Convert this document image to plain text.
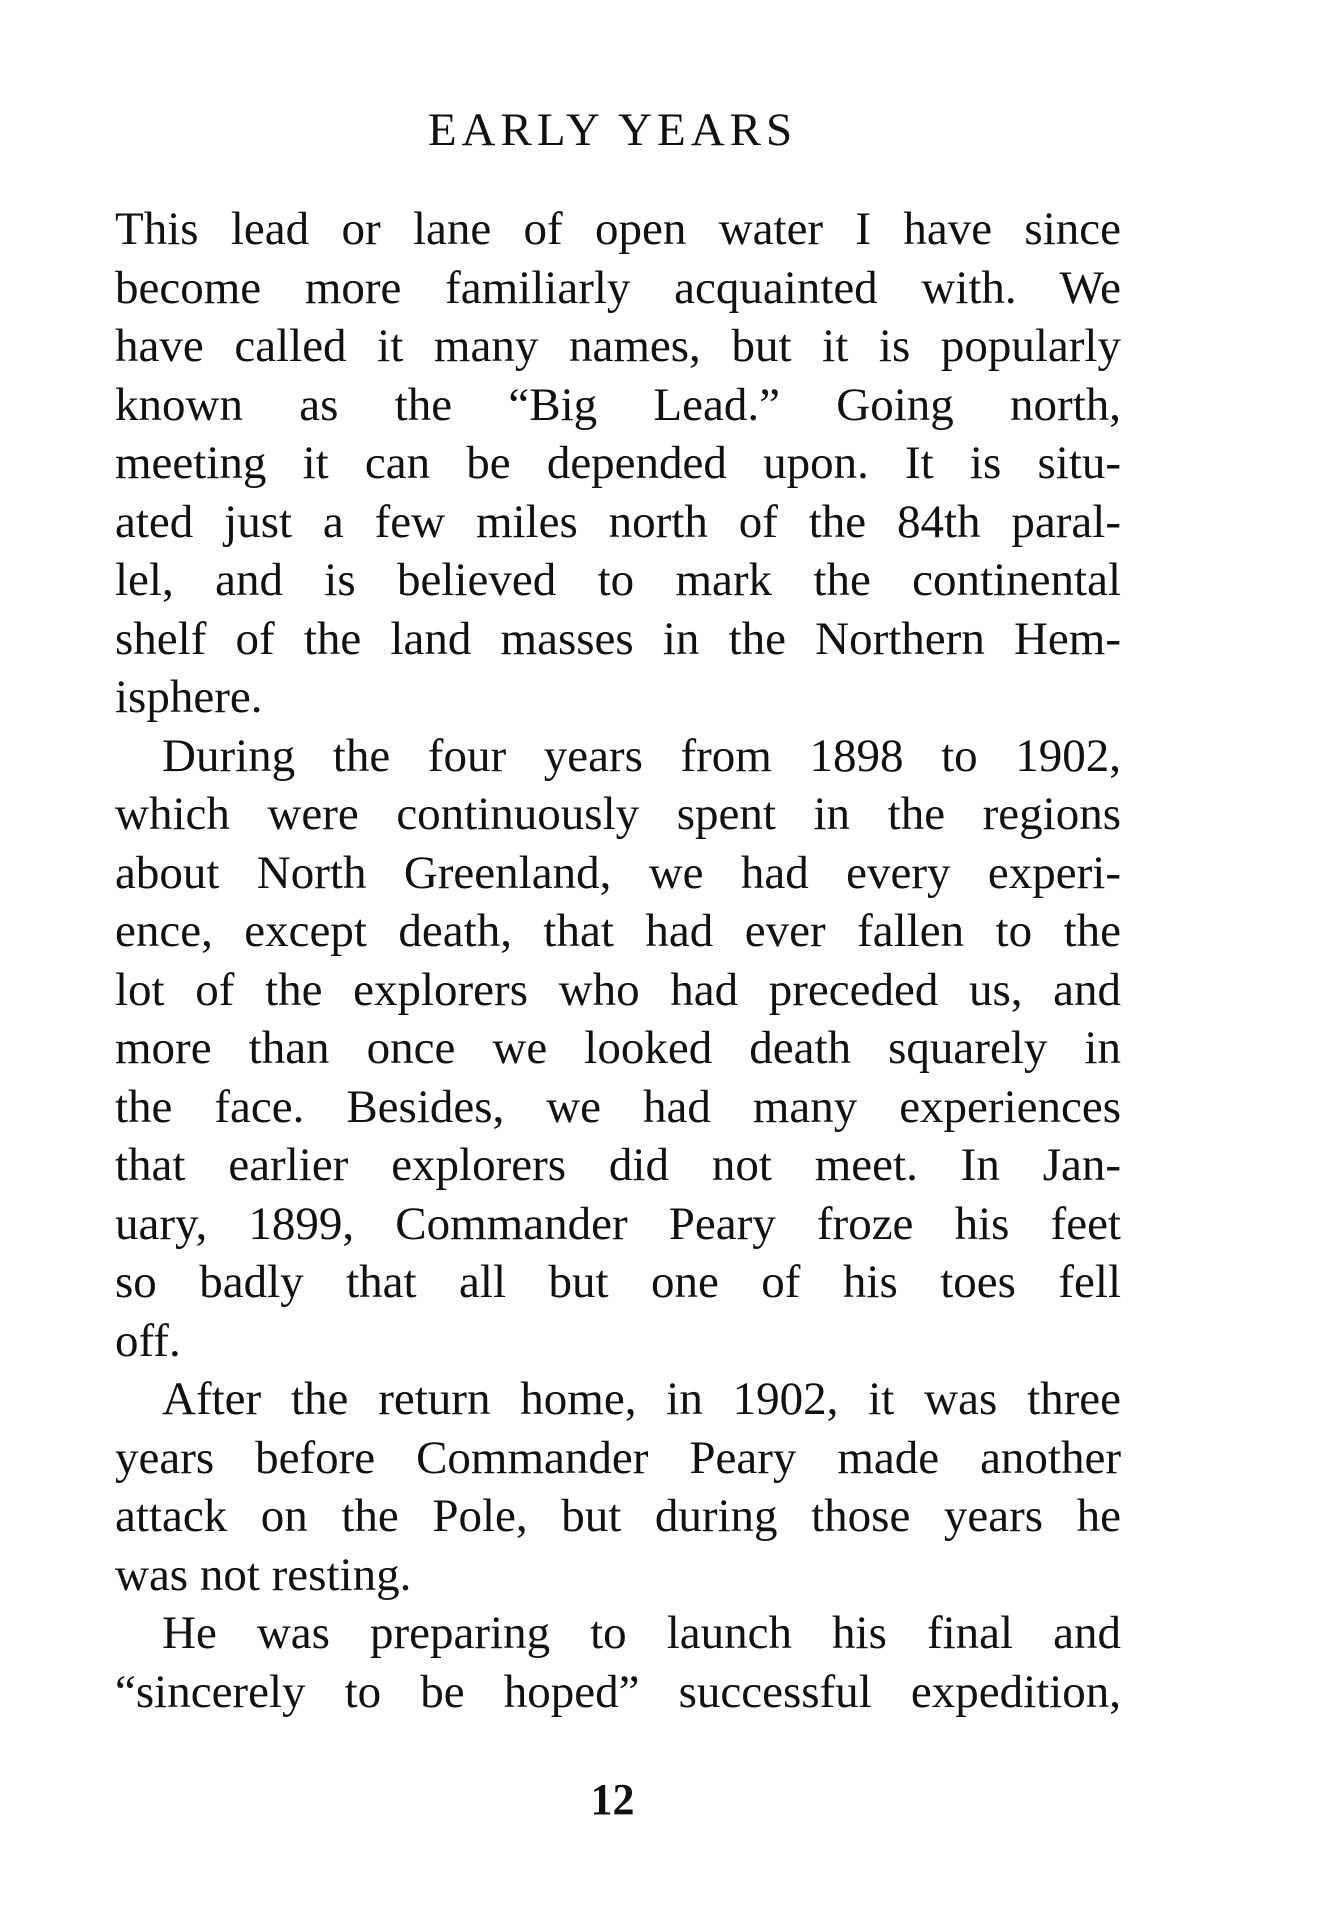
EARLY YEARS

This lead or lane of open water I have since
become more familiarly acquainted with. We
have called it many names, but it is popularly
known as the “Big Lead.” Going north,
meeting it can be depended upon. It is situ-
ated just a few miles north of the 84th paral-
lel, and is believed to mark the continental
shelf of the land masses in the Northern Hem-
isphere.

During the four years from 1898 to 1902,
which were continuously spent in the regions
about North Greenland, we had every experi-
ence, except death, that had ever fallen to the
lot of the explorers who had preceded us, and
more than once we looked death squarely in
the face. Besides, we had many experiences
that earlier explorers did not meet. In Jan-
uary, 1899, Commander Peary froze his feet
so badly that all but one of his toes fell
off.

After the return home, in 1902, it was three
years before Commander Peary made another
attack on the Pole, but during those years he
was not resting.

He was preparing to launch his final and
“sincerely to be hoped” successful expedition,

12
